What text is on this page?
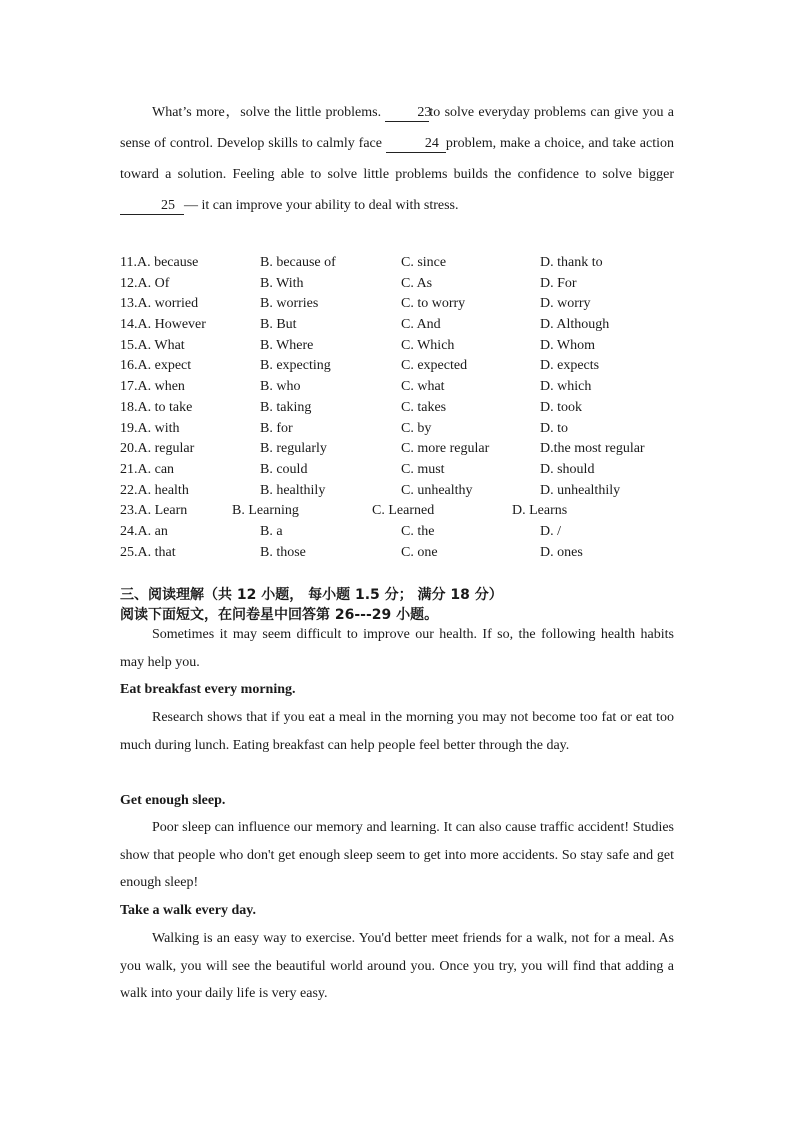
What’s more，solve the little problems.	23to solve everyday problems can give you a sense of control. Develop skills to calmly face	24 problem, make a choice, and take action toward a solution. Feeling able to solve little problems builds the confidence to solve bigger 25 — it can improve your ability to deal with stress.

11.A. because	B. because of	C. since	D. thank to
12.A. Of	B. With	C. As	D. For
13.A. worried	B. worries	C. to worry	D. worry
14.A. However	B. But	C. And	D. Although
15.A. What	B. Where	C. Which	D. Whom
16.A. expect	B. expecting	C. expected	D. expects
17.A. when	B. who	C. what	D. which
18.A. to take	B. taking	C. takes	D. took
19.A. with	B. for	C. by	D. to
20.A. regular	B. regularly	C. more regular	D.the most regular
21.A. can	B. could	C. must	D. should
22.A. health	B. healthily	C. unhealthy	D. unhealthily
23.A. Learn	B. Learning	C. Learned	D. Learns
24.A. an	B. a	C. the	D. /
25.A. that	B. those	C. one	D. ones
三、阅读理解（共 12 小题， 每小题 1.5 分； 满分 18 分）
阅读下面短文，在问卷星中回答第 26---29 小题。

Sometimes it may seem difficult to improve our health. If so, the following health habits may help you.

Eat breakfast every morning.

Research shows that if you eat a meal in the morning you may not become too fat or eat too much during lunch. Eating breakfast can help people feel better through the day.

Get enough sleep.

Poor sleep can influence our memory and learning. It can also cause traffic accident! Studies show that people who don't get enough sleep seem to get into more accidents. So stay safe and get enough sleep!

Take a walk every day.

Walking is an easy way to exercise. You'd better meet friends for a walk, not for a meal. As you walk, you will see the beautiful world around you. Once you try, you will find that adding a walk into your daily life is very easy.
